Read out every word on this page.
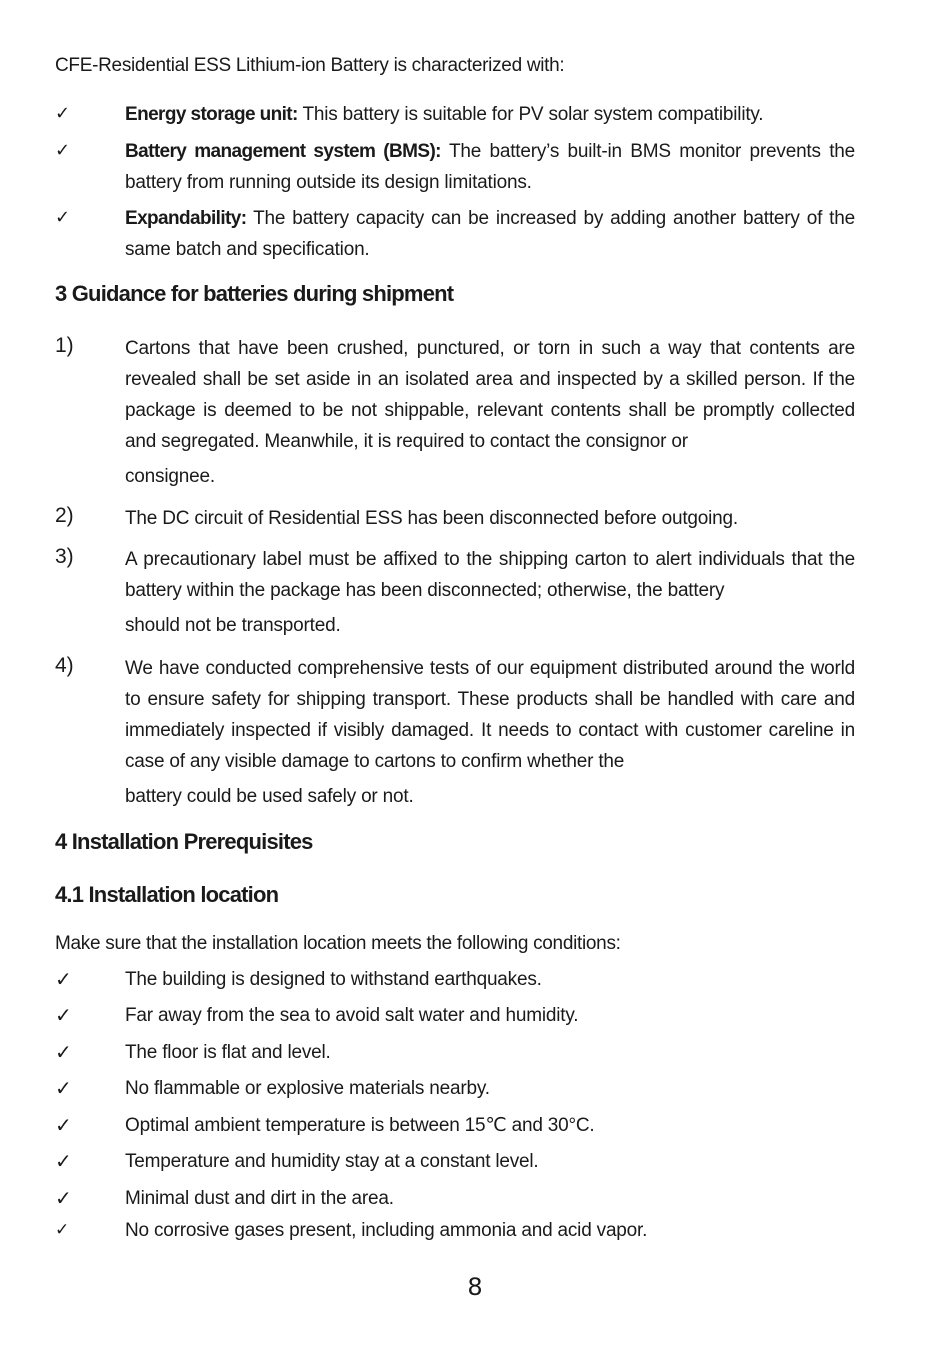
CFE-Residential ESS Lithium-ion Battery is characterized with:
✓	Energy storage unit: This battery is suitable for PV solar system compatibility.
✓	Battery management system (BMS): The battery’s built-in BMS monitor prevents the battery from running outside its design limitations.
✓	Expandability: The battery capacity can be increased by adding another battery of the same batch and specification.
3 Guidance for batteries during shipment
1)	Cartons that have been crushed, punctured, or torn in such a way that contents are revealed shall be set aside in an isolated area and inspected by a skilled person. If the package is deemed to be not shippable, relevant contents shall be promptly collected and segregated. Meanwhile, it is required to contact the consignor or
consignee.
2)	The DC circuit of Residential ESS has been disconnected before outgoing.
3)	A precautionary label must be affixed to the shipping carton to alert individuals that the battery within the package has been disconnected; otherwise, the battery
should not be transported.
4)	We have conducted comprehensive tests of our equipment distributed around the world to ensure safety for shipping transport. These products shall be handled with care and immediately inspected if visibly damaged. It needs to contact with customer careline in case of any visible damage to cartons to confirm whether the
battery could be used safely or not.
4 Installation Prerequisites
4.1 Installation location
Make sure that the installation location meets the following conditions:
✓	The building is designed to withstand earthquakes.
✓	Far away from the sea to avoid salt water and humidity.
✓	The floor is flat and level.
✓	No flammable or explosive materials nearby.
✓	Optimal ambient temperature is between 15℃ and 30°C.
✓	Temperature and humidity stay at a constant level.
✓	Minimal dust and dirt in the area.
✓	No corrosive gases present, including ammonia and acid vapor.
8
